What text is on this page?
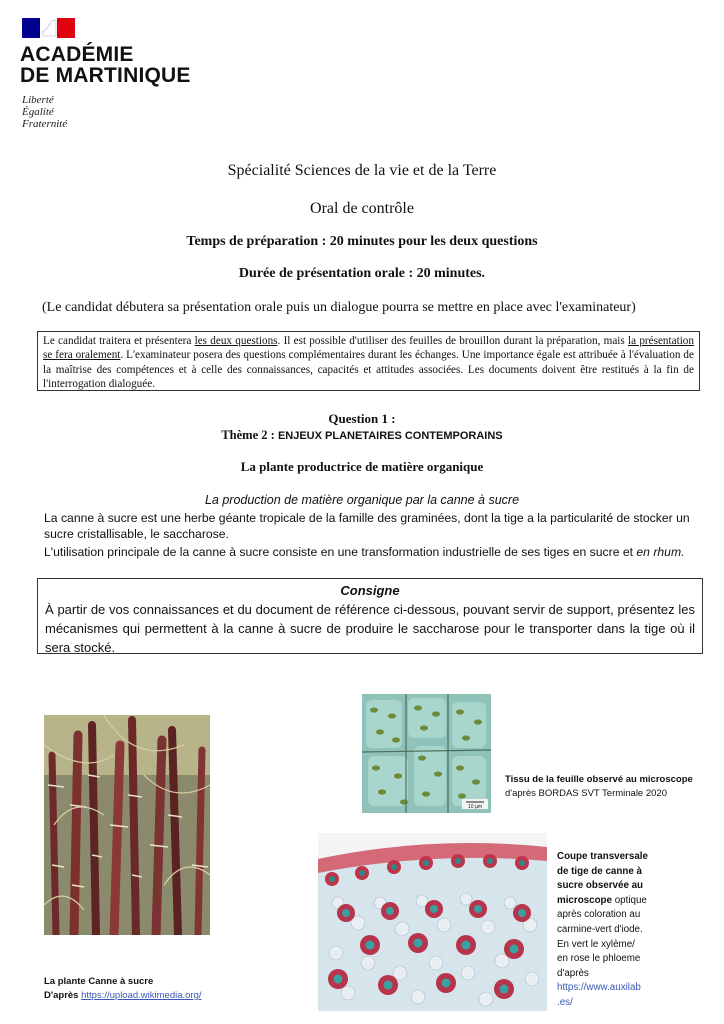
ACADÉMIE
DE MARTINIQUE
Liberté
Égalité
Fraternité
Spécialité Sciences de la vie et de la Terre
Oral de contrôle
Temps de préparation : 20 minutes pour les deux questions
Durée de présentation orale : 20 minutes.
(Le candidat débutera sa présentation orale puis un dialogue pourra se mettre en place avec l'examinateur)
Le candidat traitera et présentera les deux questions. Il est possible d'utiliser des feuilles de brouillon durant la préparation, mais la présentation se fera oralement. L'examinateur posera des questions complémentaires durant les échanges. Une importance égale est attribuée à l'évaluation de la maîtrise des compétences et à celle des connaissances, capacités et attitudes associées. Les documents doivent être restitués à la fin de l'interrogation dialoguée.
Question 1 :
Thème 2 : ENJEUX PLANETAIRES CONTEMPORAINS
La plante productrice de matière organique
La production de matière organique par la canne à sucre
La canne à sucre est une herbe géante tropicale de la famille des graminées, dont la tige a la particularité de stocker un sucre cristallisable, le saccharose.
L'utilisation principale de la canne à sucre consiste en une transformation industrielle de ses tiges en sucre et en rhum.
Consigne
À partir de vos connaissances et du document de référence ci-dessous, pouvant servir de support, présentez les mécanismes qui permettent à la canne à sucre de produire le saccharose pour le transporter dans la tige où il sera stocké.
La plante Canne à sucre
D'après https://upload.wikimedia.org/
10 µm
Tissu de la feuille observé au microscope
d'après BORDAS SVT Terminale 2020
Coupe transversale
de tige de canne à
sucre observée au
microscope optique
après coloration au
carmine-vert d'iode.
En vert le xylème/
en rose le phloeme
d'après
https://www.auxilab
.es/
